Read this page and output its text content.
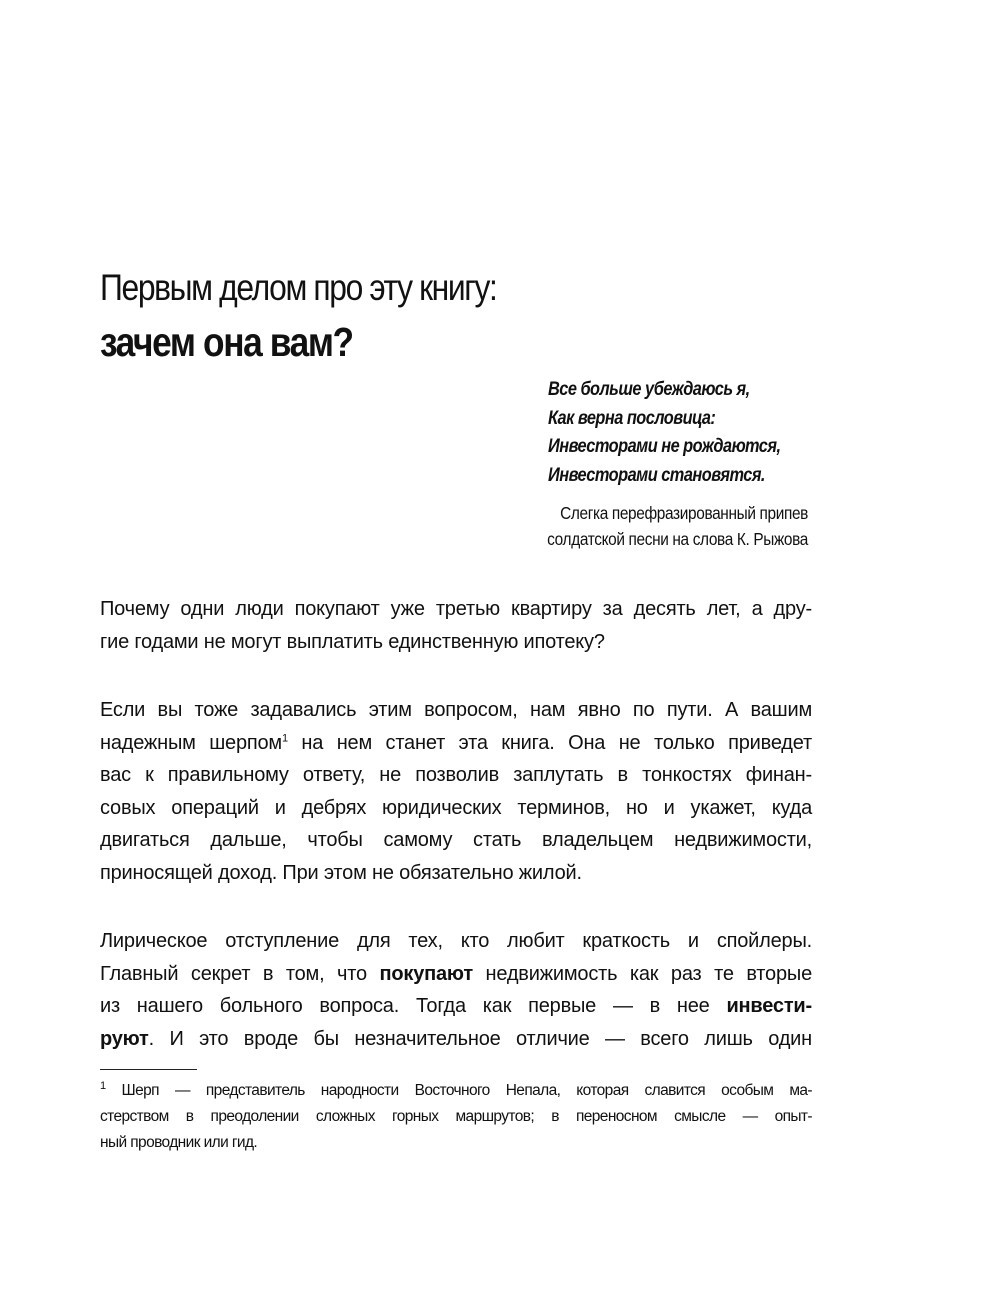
Первым делом про эту книгу:
зачем она вам?
Все больше убеждаюсь я,
Как верна пословица:
Инвесторами не рождаются,
Инвесторами становятся.
Слегка перефразированный припев
солдатской песни на слова К. Рыжова
Почему одни люди покупают уже третью квартиру за десять лет, а дру-
гие годами не могут выплатить единственную ипотеку?
Если вы тоже задавались этим вопросом, нам явно по пути. А вашим
надежным шерпом$^1$ на нем станет эта книга. Она не только приведет
вас к правильному ответу, не позволив заплутать в тонкостях финан-
совых операций и дебрях юридических терминов, но и укажет, куда
двигаться дальше, чтобы самому стать владельцем недвижимости,
приносящей доход. При этом не обязательно жилой.
Лирическое отступление для тех, кто любит краткость и спойлеры.
Главный секрет в том, что покупают недвижимость как раз те вторые
из нашего больного вопроса. Тогда как первые — в нее инвести-
руют. И это вроде бы незначительное отличие — всего лишь один
$^1$ Шерп — представитель народности Восточного Непала, которая славится особым ма-
стерством в преодолении сложных горных маршрутов; в переносном смысле — опыт-
ный проводник или гид.
